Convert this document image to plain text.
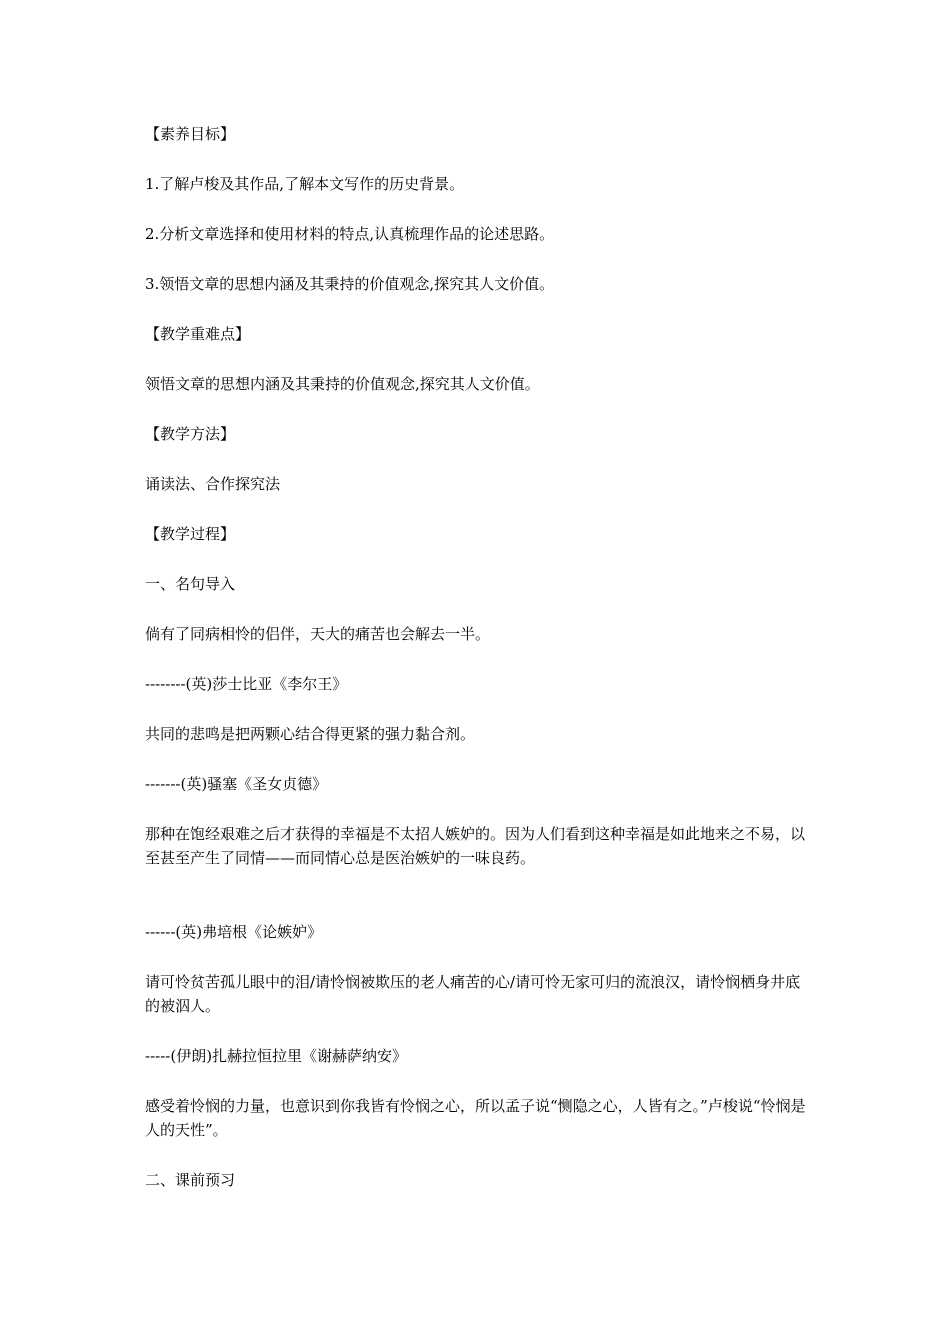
【素养目标】

1.了解卢梭及其作品,了解本文写作的历史背景。

2.分析文章选择和使用材料的特点,认真梳理作品的论述思路。

3.领悟文章的思想内涵及其秉持的价值观念,探究其人文价值。

【教学重难点】

领悟文章的思想内涵及其秉持的价值观念,探究其人文价值。

【教学方法】

诵读法、合作探究法

【教学过程】

一、名句导入

倘有了同病相怜的侣伴，天大的痛苦也会解去一半。

--------(英)莎士比亚《李尔王》

共同的悲鸣是把两颗心结合得更紧的强力黏合剂。

-------(英)骚塞《圣女贞德》

那种在饱经艰难之后才获得的幸福是不太招人嫉妒的。因为人们看到这种幸福是如此地来之不易，以至甚至产生了同情——而同情心总是医治嫉妒的一味良药。

------(英)弗培根《论嫉妒》

请可怜贫苦孤儿眼中的泪/请怜悯被欺压的老人痛苦的心/请可怜无家可归的流浪汉，请怜悯栖身井底的被泅人。

-----(伊朗)扎赫拉恒拉里《谢赫萨纳安》

感受着怜悯的力量，也意识到你我皆有怜悯之心，所以孟子说“恻隐之心，人皆有之。”卢梭说“怜悯是人的天性”。

二、课前预习
